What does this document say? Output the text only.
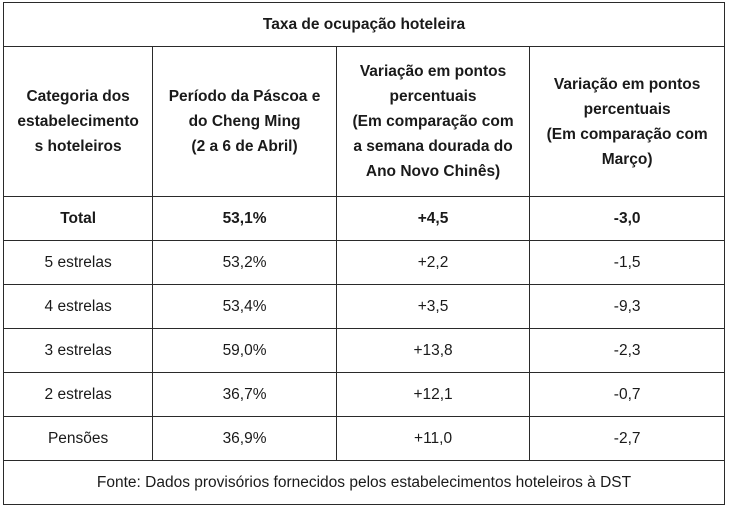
Taxa de ocupação hoteleira			

Categoria dos
estabelecimento
s hoteleiros	Período da Páscoa e
do Cheng Ming
(2 a 6 de Abril)	Variação em pontos
percentuais
(Em comparação com
a semana dourada do
Ano Novo Chinês)	Variação em pontos
percentuais
(Em comparação com
Março)

Total	53,1%	+4,5	-3,0
5 estrelas	53,2%	+2,2	-1,5
4 estrelas	53,4%	+3,5	-9,3
3 estrelas	59,0%	+13,8	-2,3
2 estrelas	36,7%	+12,1	-0,7
Pensões	36,9%	+11,0	-2,7
Fonte: Dados provisórios fornecidos pelos estabelecimentos hoteleiros à DST			
